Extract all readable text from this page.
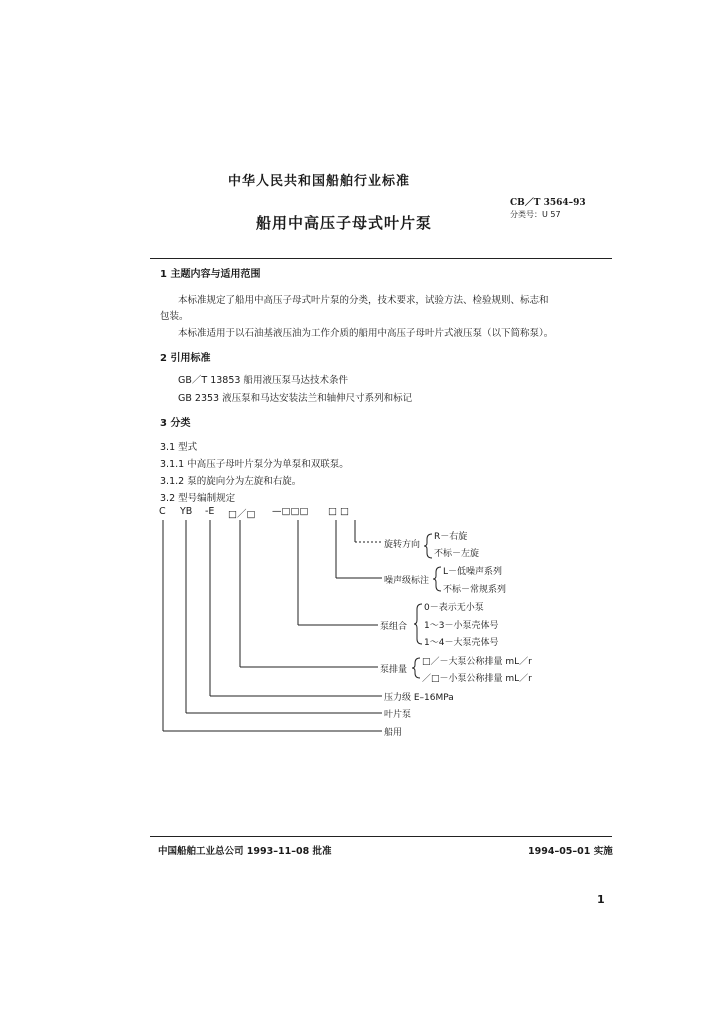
中华人民共和国船舶行业标准
CB／T 3564–93
分类号：U 57
船用中高压子母式叶片泵
1 主题内容与适用范围
本标准规定了船用中高压子母式叶片泵的分类，技术要求，试验方法、检验规则、标志和
包装。
本标准适用于以石油基液压油为工作介质的船用中高压子母叶片式液压泵（以下简称泵）。
2 引用标准
GB／T 13853 船用液压泵马达技术条件
GB 2353 液压泵和马达安装法兰和轴伸尺寸系列和标记
3 分类
3.1 型式
3.1.1 中高压子母叶片泵分为单泵和双联泵。
3.1.2 泵的旋向分为左旋和右旋。
3.2 型号编制规定
C YB -E □／□ —□□□ □ □
旋转方向
R－右旋
不标－左旋
噪声级标注
L－低噪声系列
不标－常规系列
泵组合
0－表示无小泵
1～3－小泵壳体号
1～4－大泵壳体号
泵排量
□／－大泵公称排量 mL／r
／□－小泵公称排量 mL／r
压力级 E–16MPa
叶片泵
船用
中国船舶工业总公司 1993–11–08 批准	1994–05–01 实施
1
